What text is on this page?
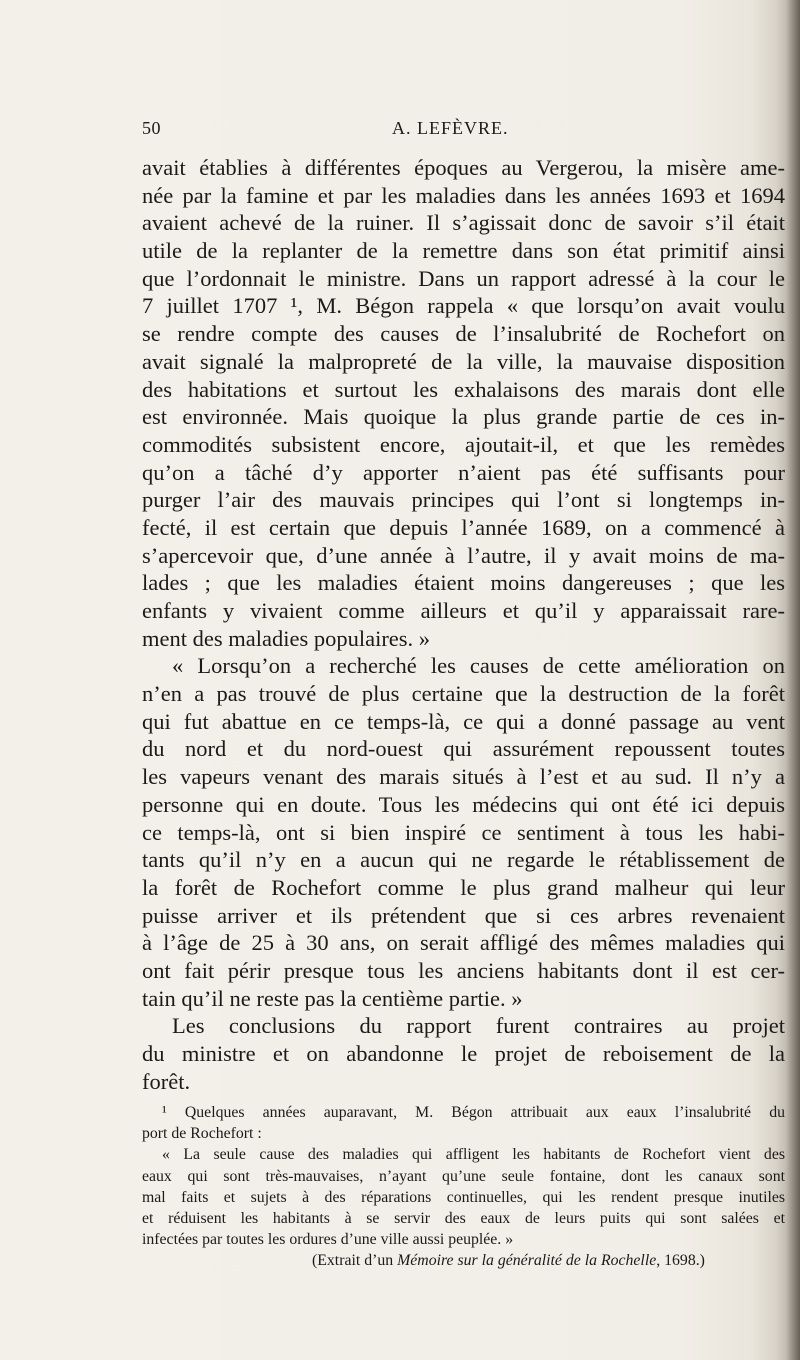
50	A. LEFÈVRE.
avait établies à différentes époques au Vergerou, la misère ame-
née par la famine et par les maladies dans les années 1693 et 1694
avaient achevé de la ruiner. Il s’agissait donc de savoir s’il était
utile de la replanter de la remettre dans son état primitif ainsi
que l’ordonnait le ministre. Dans un rapport adressé à la cour le
7 juillet 1707 ¹, M. Bégon rappela « que lorsqu’on avait voulu
se rendre compte des causes de l’insalubrité de Rochefort on
avait signalé la malpropreté de la ville, la mauvaise disposition
des habitations et surtout les exhalaisons des marais dont elle
est environnée. Mais quoique la plus grande partie de ces in-
commodités subsistent encore, ajoutait-il, et que les remèdes
qu’on a tâché d’y apporter n’aient pas été suffisants pour
purger l’air des mauvais principes qui l’ont si longtemps in-
fecté, il est certain que depuis l’année 1689, on a commencé à
s’apercevoir que, d’une année à l’autre, il y avait moins de ma-
lades ; que les maladies étaient moins dangereuses ; que les
enfants y vivaient comme ailleurs et qu’il y apparaissait rare-
ment des maladies populaires. »
« Lorsqu’on a recherché les causes de cette amélioration on
n’en a pas trouvé de plus certaine que la destruction de la forêt
qui fut abattue en ce temps-là, ce qui a donné passage au vent
du nord et du nord-ouest qui assurément repoussent toutes
les vapeurs venant des marais situés à l’est et au sud. Il n’y a
personne qui en doute. Tous les médecins qui ont été ici depuis
ce temps-là, ont si bien inspiré ce sentiment à tous les habi-
tants qu’il n’y en a aucun qui ne regarde le rétablissement de
la forêt de Rochefort comme le plus grand malheur qui leur
puisse arriver et ils prétendent que si ces arbres revenaient
à l’âge de 25 à 30 ans, on serait affligé des mêmes maladies qui
ont fait périr presque tous les anciens habitants dont il est cer-
tain qu’il ne reste pas la centième partie. »
Les conclusions du rapport furent contraires au projet
du ministre et on abandonne le projet de reboisement de la
forêt.
¹ Quelques années auparavant, M. Bégon attribuait aux eaux l’insalubrité du
port de Rochefort :
« La seule cause des maladies qui affligent les habitants de Rochefort vient des
eaux qui sont très-mauvaises, n’ayant qu’une seule fontaine, dont les canaux sont
mal faits et sujets à des réparations continuelles, qui les rendent presque inutiles
et réduisent les habitants à se servir des eaux de leurs puits qui sont salées et
infectées par toutes les ordures d’une ville aussi peuplée. »
(Extrait d’un Mémoire sur la généralité de la Rochelle, 1698.)
